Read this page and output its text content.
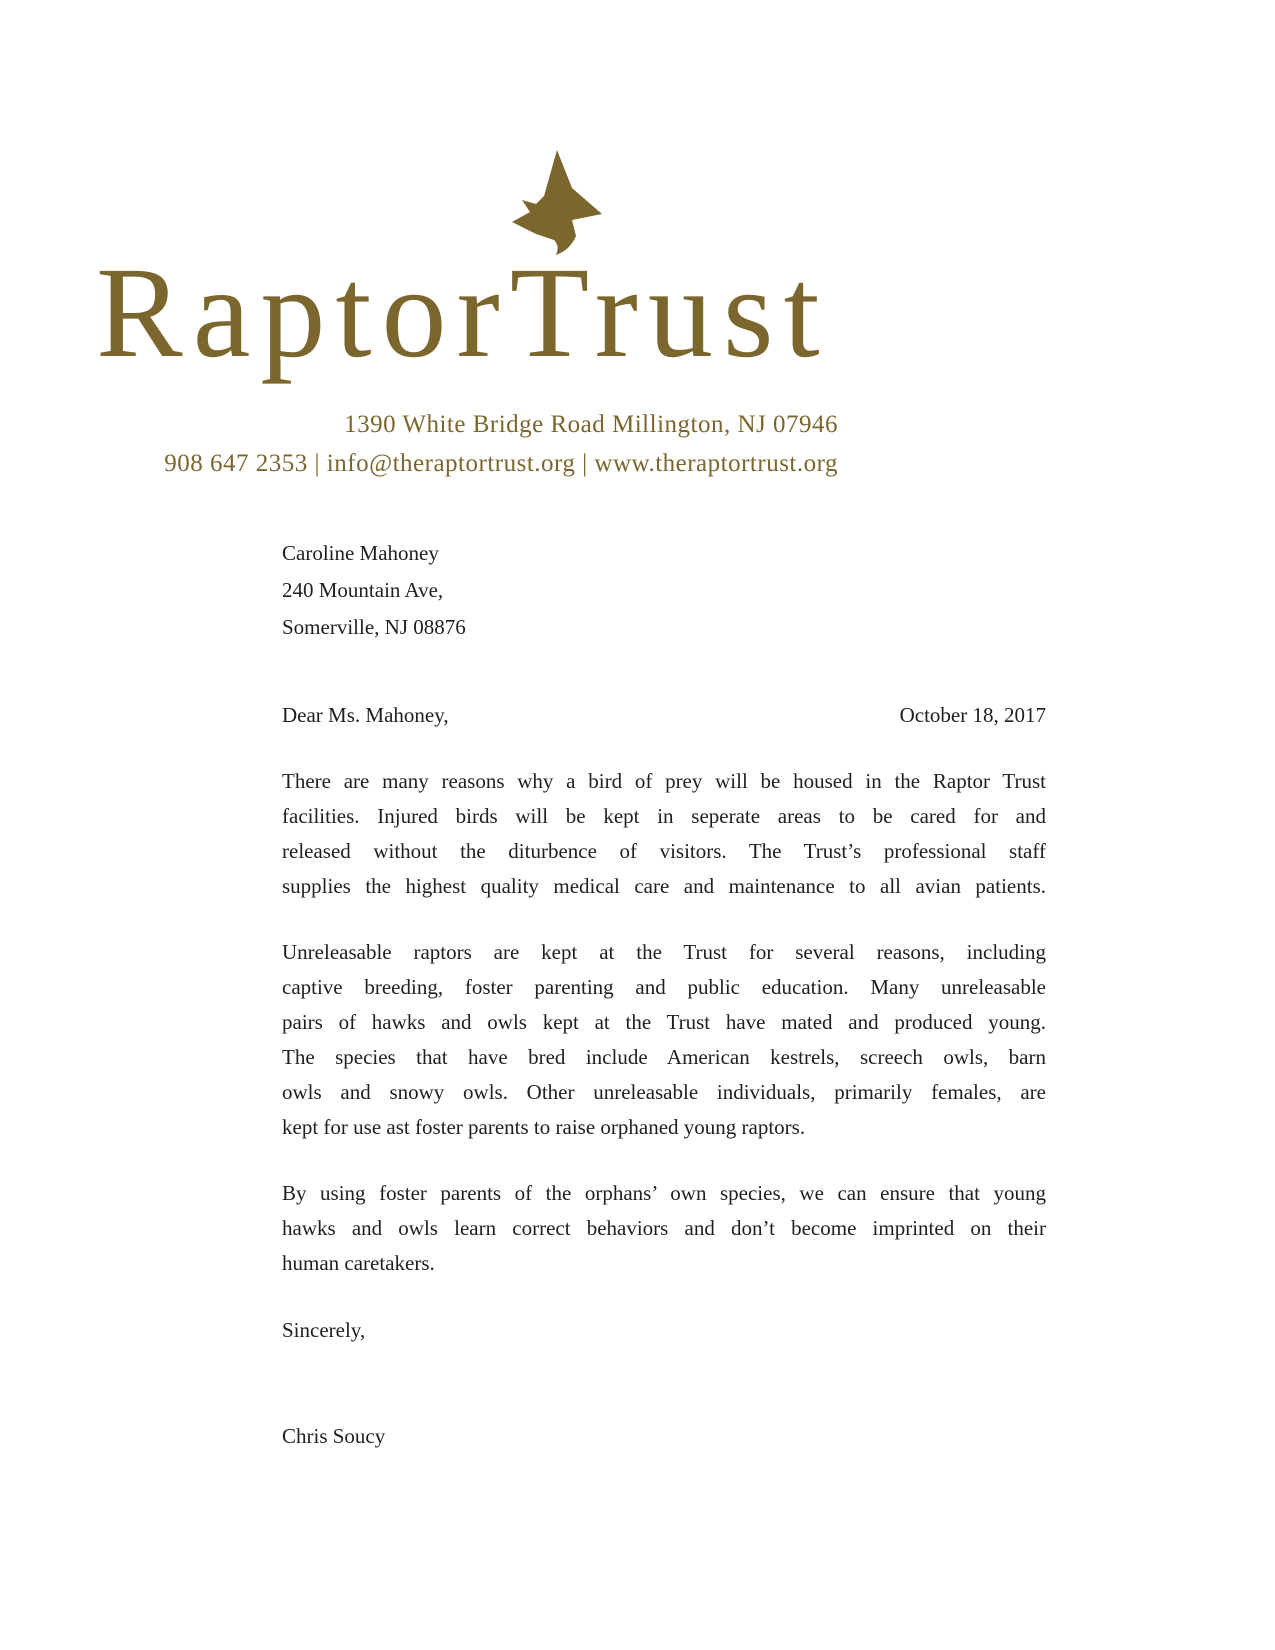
RaptorTrust
1390 White Bridge Road Millington, NJ 07946
908 647 2353 | info@theraptortrust.org | www.theraptortrust.org
Caroline Mahoney
240 Mountain Ave,
Somerville, NJ 08876
Dear Ms. Mahoney,	October 18, 2017
There are many reasons why a bird of prey will be housed in the Raptor Trust
facilities. Injured birds will be kept in seperate areas to be cared for and
released without the diturbence of visitors. The Trust’s professional staff
supplies the highest quality medical care and maintenance to all avian patients.
Unreleasable raptors are kept at the Trust for several reasons, including
captive breeding, foster parenting and public education. Many unreleasable
pairs of hawks and owls kept at the Trust have mated and produced young.
The species that have bred include American kestrels, screech owls, barn
owls and snowy owls. Other unreleasable individuals, primarily females, are
kept for use ast foster parents to raise orphaned young raptors.
By using foster parents of the orphans’ own species, we can ensure that young
hawks and owls learn correct behaviors and don’t become imprinted on their
human caretakers.
Sincerely,
Chris Soucy
